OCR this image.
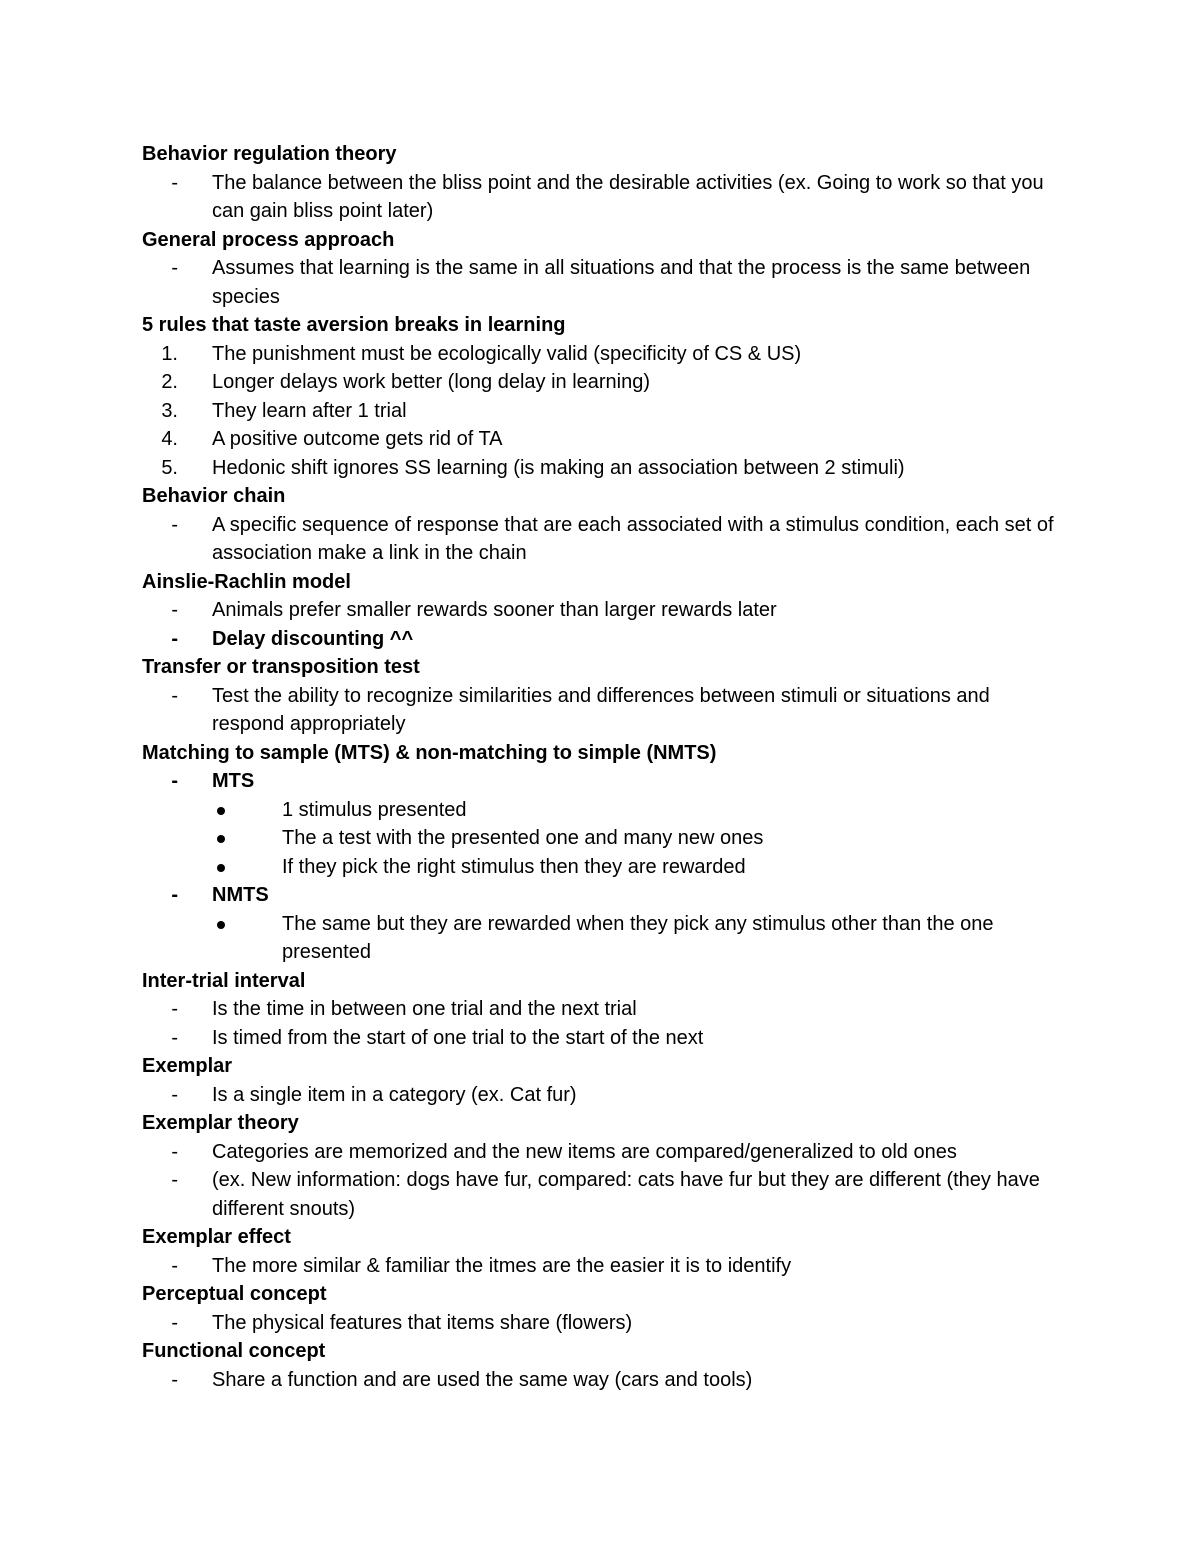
Behavior regulation theory
-	The balance between the bliss point and the desirable activities (ex. Going to work so that you can gain bliss point later)
General process approach
-	Assumes that learning is the same in all situations and that the process is the same between species
5 rules that taste aversion breaks in learning
1.	The punishment must be ecologically valid (specificity of CS & US)
2.	Longer delays work better (long delay in learning)
3.	They learn after 1 trial
4.	A positive outcome gets rid of TA
5.	Hedonic shift ignores SS learning (is making an association between 2 stimuli)
Behavior chain
-	A specific sequence of response that are each associated with a stimulus condition, each set of association make a link in the chain
Ainslie-Rachlin model
-	Animals prefer smaller rewards sooner than larger rewards later
-	Delay discounting ^^
Transfer or transposition test
-	Test the ability to recognize similarities and differences between stimuli or situations and respond appropriately
Matching to sample (MTS) & non-matching to simple (NMTS)
-	MTS
1 stimulus presented
The a test with the presented one and many new ones
If they pick the right stimulus then they are rewarded
-	NMTS
The same but they are rewarded when they pick any stimulus other than the one presented
Inter-trial interval
-	Is the time in between one trial and the next trial
-	Is timed from the start of one trial to the start of the next
Exemplar
-	Is a single item in a category (ex. Cat fur)
Exemplar theory
-	Categories are memorized and the new items are compared/generalized to old ones
-	(ex. New information: dogs have fur, compared: cats have fur but they are different (they have different snouts)
Exemplar effect
-	The more similar & familiar the itmes are the easier it is to identify
Perceptual concept
-	The physical features that items share (flowers)
Functional concept
-	Share a function and are used the same way (cars and tools)
